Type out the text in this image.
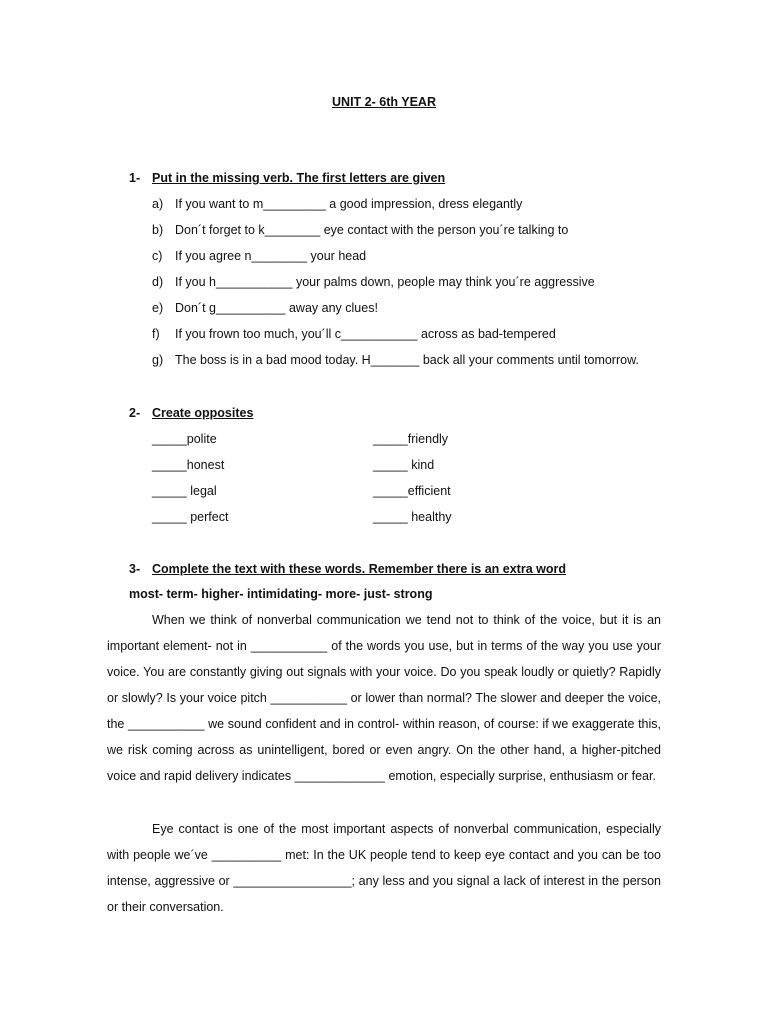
UNIT 2- 6th YEAR
1- Put in the missing verb. The first letters are given
a) If you want to m_________ a good impression, dress elegantly
b) Don´t forget to k________ eye contact with the person you´re talking to
c) If you agree n________ your head
d) If you h___________ your palms down, people may think you´re aggressive
e) Don´t g__________ away any clues!
f) If you frown too much, you´ll c___________ across as bad-tempered
g) The boss is in a bad mood today. H_______ back all your comments until tomorrow.
2- Create opposites
_____polite
_____honest
_____ legal
_____ perfect
_____friendly
_____ kind
_____efficient
_____ healthy
3- Complete the text with these words. Remember there is an extra word
most- term- higher- intimidating- more- just- strong

When we think of nonverbal communication we tend not to think of the voice, but it is an important element- not in ___________ of the words you use, but in terms of the way you use your voice. You are constantly giving out signals with your voice. Do you speak loudly or quietly? Rapidly or slowly? Is your voice pitch ___________ or lower than normal? The slower and deeper the voice, the ___________ we sound confident and in control- within reason, of course: if we exaggerate this, we risk coming across as unintelligent, bored or even angry. On the other hand, a higher-pitched voice and rapid delivery indicates _____________ emotion, especially surprise, enthusiasm or fear.

Eye contact is one of the most important aspects of nonverbal communication, especially with people we´ve __________ met: In the UK people tend to keep eye contact and you can be too intense, aggressive or _________________; any less and you signal a lack of interest in the person or their conversation.
